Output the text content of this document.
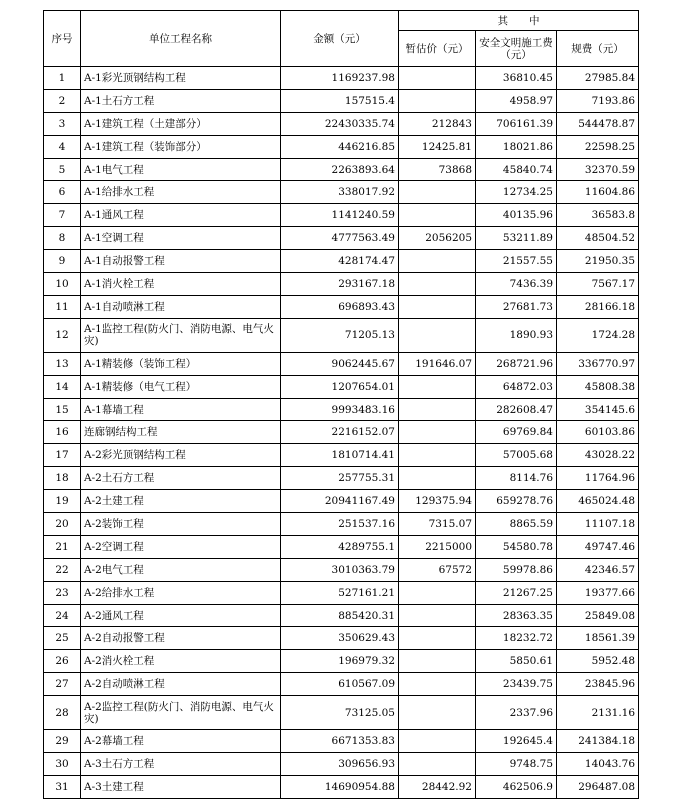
序号	单位工程名称	金额（元）	其　　中		
			暂估价（元）	安全文明施工费（元）	规费（元）
1	A-1彩光顶钢结构工程	1169237.98		36810.45	27985.84
2	A-1土石方工程	157515.4		4958.97	7193.86
3	A-1建筑工程（土建部分）	22430335.74	212843	706161.39	544478.87
4	A-1建筑工程（装饰部分）	446216.85	12425.81	18021.86	22598.25
5	A-1电气工程	2263893.64	73868	45840.74	32370.59
6	A-1给排水工程	338017.92		12734.25	11604.86
7	A-1通风工程	1141240.59		40135.96	36583.8
8	A-1空调工程	4777563.49	2056205	53211.89	48504.52
9	A-1自动报警工程	428174.47		21557.55	21950.35
10	A-1消火栓工程	293167.18		7436.39	7567.17
11	A-1自动喷淋工程	696893.43		27681.73	28166.18
12	A-1监控工程(防火门、消防电源、电气火灾)	71205.13		1890.93	1724.28
13	A-1精装修（装饰工程）	9062445.67	191646.07	268721.96	336770.97
14	A-1精装修（电气工程）	1207654.01		64872.03	45808.38
15	A-1幕墙工程	9993483.16		282608.47	354145.6
16	连廊钢结构工程	2216152.07		69769.84	60103.86
17	A-2彩光顶钢结构工程	1810714.41		57005.68	43028.22
18	A-2土石方工程	257755.31		8114.76	11764.96
19	A-2土建工程	20941167.49	129375.94	659278.76	465024.48
20	A-2装饰工程	251537.16	7315.07	8865.59	11107.18
21	A-2空调工程	4289755.1	2215000	54580.78	49747.46
22	A-2电气工程	3010363.79	67572	59978.86	42346.57
23	A-2给排水工程	527161.21		21267.25	19377.66
24	A-2通风工程	885420.31		28363.35	25849.08
25	A-2自动报警工程	350629.43		18232.72	18561.39
26	A-2消火栓工程	196979.32		5850.61	5952.48
27	A-2自动喷淋工程	610567.09		23439.75	23845.96
28	A-2监控工程(防火门、消防电源、电气火灾)	73125.05		2337.96	2131.16
29	A-2幕墙工程	6671353.83		192645.4	241384.18
30	A-3土石方工程	309656.93		9748.75	14043.76
31	A-3土建工程	14690954.88	28442.92	462506.9	296487.08
